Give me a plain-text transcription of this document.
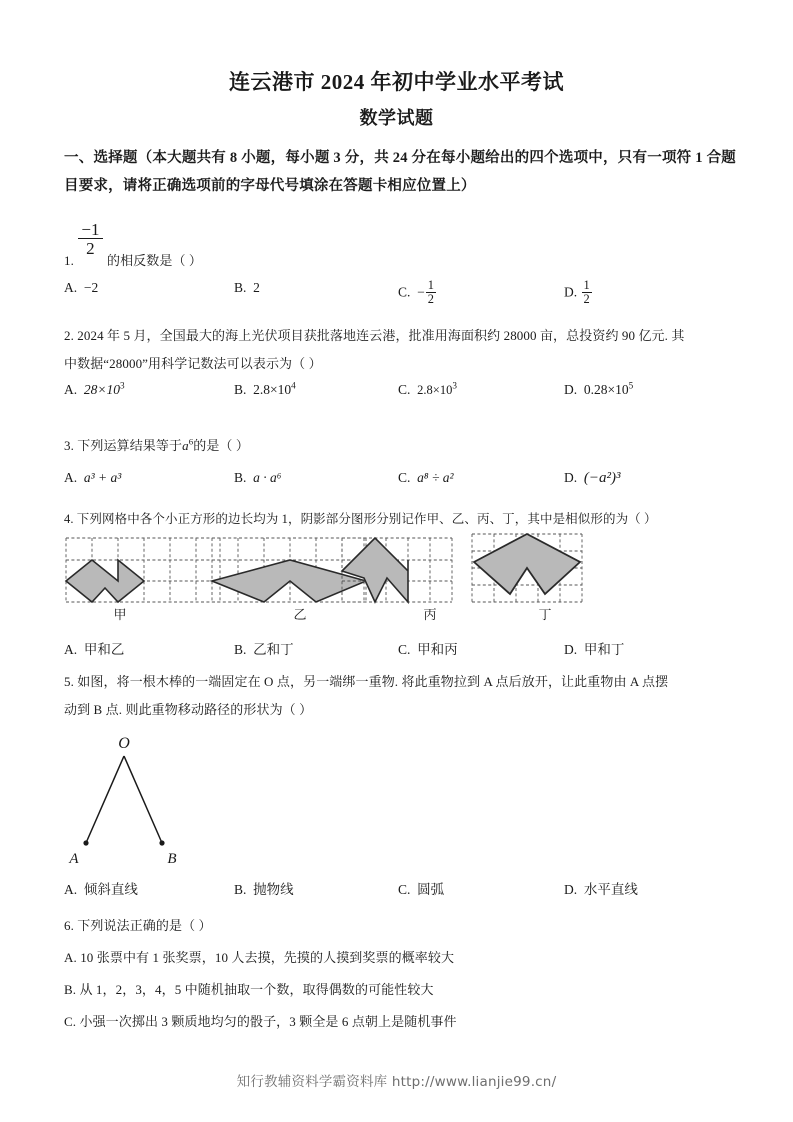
连云港市 2024 年初中学业水平考试
数学试题
一、选择题（本大题共有 8 小题，每小题 3 分，共 24 分在每小题给出的四个选项中，只有一项符 1 合题目要求，请将正确选项前的字母代号填涂在答题卡相应位置上）
1.
$\frac{-1}{2}$
的相反数是（ ）
A. −2	B. 2	C. − $\frac{1}{2}$	D. $\frac{1}{2}$
2. 2024 年 5 月，全国最大的海上光伏项目获批落地连云港，批准用海面积约 28000 亩，总投资约 90 亿元. 其
中数据“28000”用科学记数法可以表示为（ ）
A. $28\times 10^3$	B. $2.8\times 10^4$	C. $2.8\times 10^3$	D. $0.28\times 10^5$
3. 下列运算结果等于$a^6$的是（ ）
A. a³ + a³	B. a · a⁶	C. a⁸ ÷ a²	D. (−a²)³
4. 下列网格中各个小正方形的边长均为 1，阴影部分图形分别记作甲、乙、丙、丁，其中是相似形的为（ ）
甲	乙	丙	丁
A. 甲和乙	B. 乙和丁	C. 甲和丙	D. 甲和丁
5. 如图，将一根木棒的一端固定在 O 点，另一端绑一重物. 将此重物拉到 A 点后放开，让此重物由 A 点摆
动到 B 点. 则此重物移动路径的形状为（ ）
O
A	B
A. 倾斜直线	B. 抛物线	C. 圆弧	D. 水平直线
6. 下列说法正确的是（ ）
A. 10 张票中有 1 张奖票，10 人去摸，先摸的人摸到奖票的概率较大
B. 从 1，2，3，4，5 中随机抽取一个数，取得偶数的可能性较大
C. 小强一次掷出 3 颗质地均匀的骰子，3 颗全是 6 点朝上是随机事件
知行教辅资料学霸资料库 http://www.lianjie99.cn/
